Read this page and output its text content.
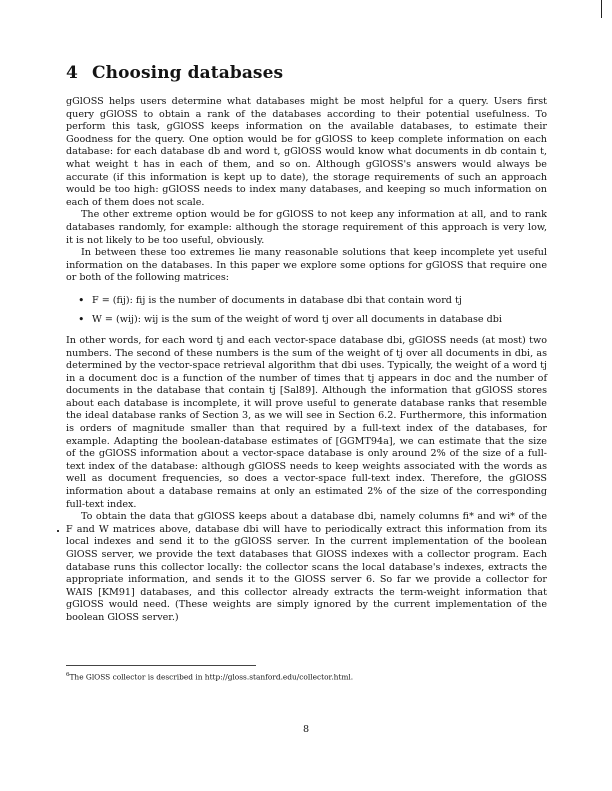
4 Choosing databases

gGlOSS helps users determine what databases might be most helpful for a query. Users first query gGlOSS to obtain a rank of the databases according to their potential usefulness. To perform this task, gGlOSS keeps information on the available databases, to estimate their Goodness for the query. One option would be for gGlOSS to keep complete information on each database: for each database db and word t, gGlOSS would know what documents in db contain t, what weight t has in each of them, and so on. Although gGlOSS's answers would always be accurate (if this information is kept up to date), the storage requirements of such an approach would be too high: gGlOSS needs to index many databases, and keeping so much information on each of them does not scale.

The other extreme option would be for gGlOSS to not keep any information at all, and to rank databases randomly, for example: although the storage requirement of this approach is very low, it is not likely to be too useful, obviously.

In between these too extremes lie many reasonable solutions that keep incomplete yet useful information on the databases. In this paper we explore some options for gGlOSS that require one or both of the following matrices:

• F = (fij): fij is the number of documents in database dbi that contain word tj
• W = (wij): wij is the sum of the weight of word tj over all documents in database dbi

In other words, for each word tj and each vector-space database dbi, gGlOSS needs (at most) two numbers. The second of these numbers is the sum of the weight of tj over all documents in dbi, as determined by the vector-space retrieval algorithm that dbi uses. Typically, the weight of a word tj in a document doc is a function of the number of times that tj appears in doc and the number of documents in the database that contain tj [Sal89]. Although the information that gGlOSS stores about each database is incomplete, it will prove useful to generate database ranks that resemble the ideal database ranks of Section 3, as we will see in Section 6.2. Furthermore, this information is orders of magnitude smaller than that required by a full-text index of the databases, for example. Adapting the boolean-database estimates of [GGMT94a], we can estimate that the size of the gGlOSS information about a vector-space database is only around 2% of the size of a full-text index of the database: although gGlOSS needs to keep weights associated with the words as well as document frequencies, so does a vector-space full-text index. Therefore, the gGlOSS information about a database remains at only an estimated 2% of the size of the corresponding full-text index.

To obtain the data that gGlOSS keeps about a database dbi, namely columns fi* and wi* of the F and W matrices above, database dbi will have to periodically extract this information from its local indexes and send it to the gGlOSS server. In the current implementation of the boolean GlOSS server, we provide the text databases that GlOSS indexes with a collector program. Each database runs this collector locally: the collector scans the local database's indexes, extracts the appropriate information, and sends it to the GlOSS server 6. So far we provide a collector for WAIS [KM91] databases, and this collector already extracts the term-weight information that gGlOSS would need. (These weights are simply ignored by the current implementation of the boolean GlOSS server.)

$^6$The GlOSS collector is described in http://gloss.stanford.edu/collector.html.
8
